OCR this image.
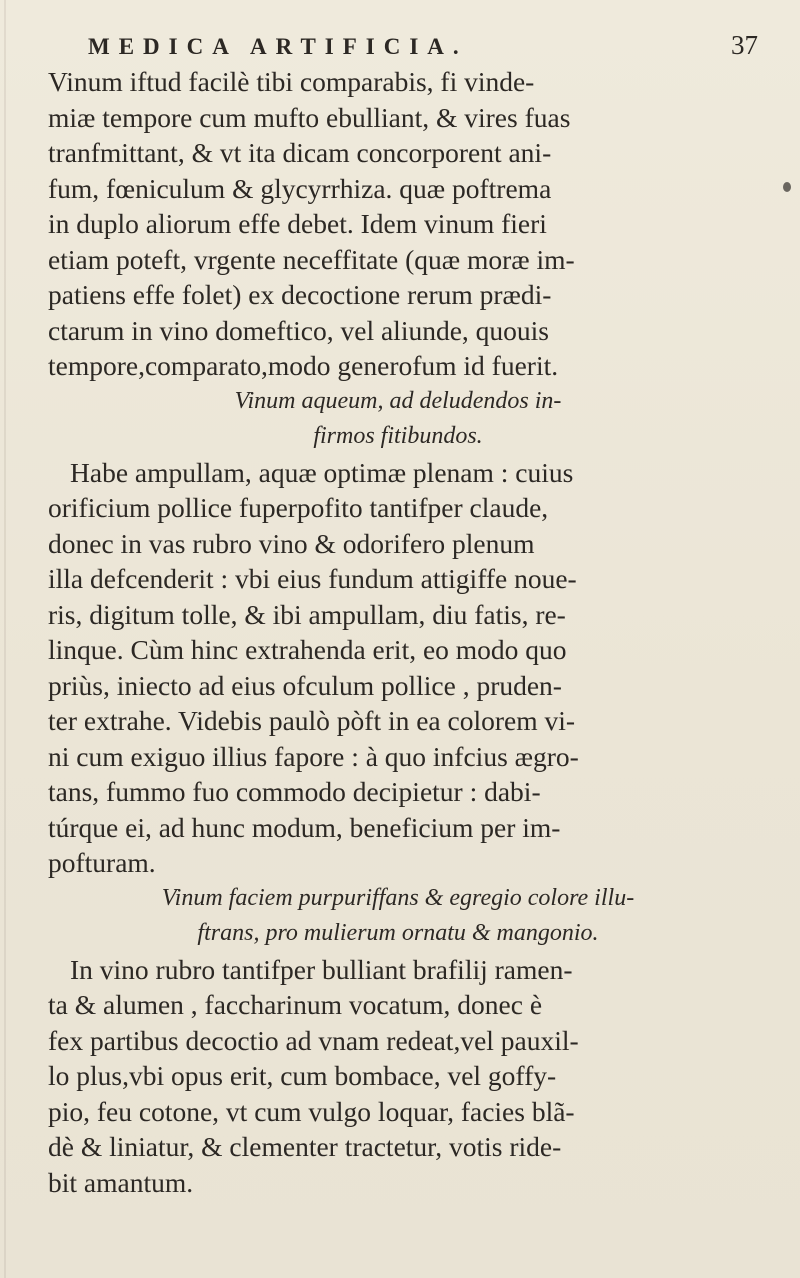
MEDICA ARTIFICIA.	37
Vinum iftud facilè tibi comparabis, fi vinde-
miæ tempore cum mufto ebulliant, & vires fuas
tranfmittant, & vt ita dicam concorporent ani-
fum, fœniculum & glycyrrhiza. quæ poftrema
in duplo aliorum effe debet. Idem vinum fieri
etiam poteft, vrgente neceffitate (quæ moræ im-
patiens effe folet) ex decoctione rerum prædi-
ctarum in vino domeftico, vel aliunde, quouis
tempore,comparato,modo generofum id fuerit.
Vinum aqueum, ad deludendos in-
firmos fitibundos.
Habe ampullam, aquæ optimæ plenam : cuius
orificium pollice fuperpofito tantifper claude,
donec in vas rubro vino & odorifero plenum
illa defcenderit : vbi eius fundum attigiffe noue-
ris, digitum tolle, & ibi ampullam, diu fatis, re-
linque. Cùm hinc extrahenda erit, eo modo quo
priùs, iniecto ad eius ofculum pollice , pruden-
ter extrahe. Videbis paulò pòft in ea colorem vi-
ni cum exiguo illius fapore : à quo infcius ægro-
tans, fummo fuo commodo decipietur : dabi-
túrque ei, ad hunc modum, beneficium per im-
pofturam.
Vinum faciem purpuriffans & egregio colore illu-
ftrans, pro mulierum ornatu & mangonio.
In vino rubro tantifper bulliant brafilij ramen-
ta & alumen , faccharinum vocatum, donec è
fex partibus decoctio ad vnam redeat,vel pauxil-
lo plus,vbi opus erit, cum bombace, vel goffy-
pio, feu cotone, vt cum vulgo loquar, facies blã-
dè & liniatur, & clementer tractetur, votis ride-
bit amantum.
